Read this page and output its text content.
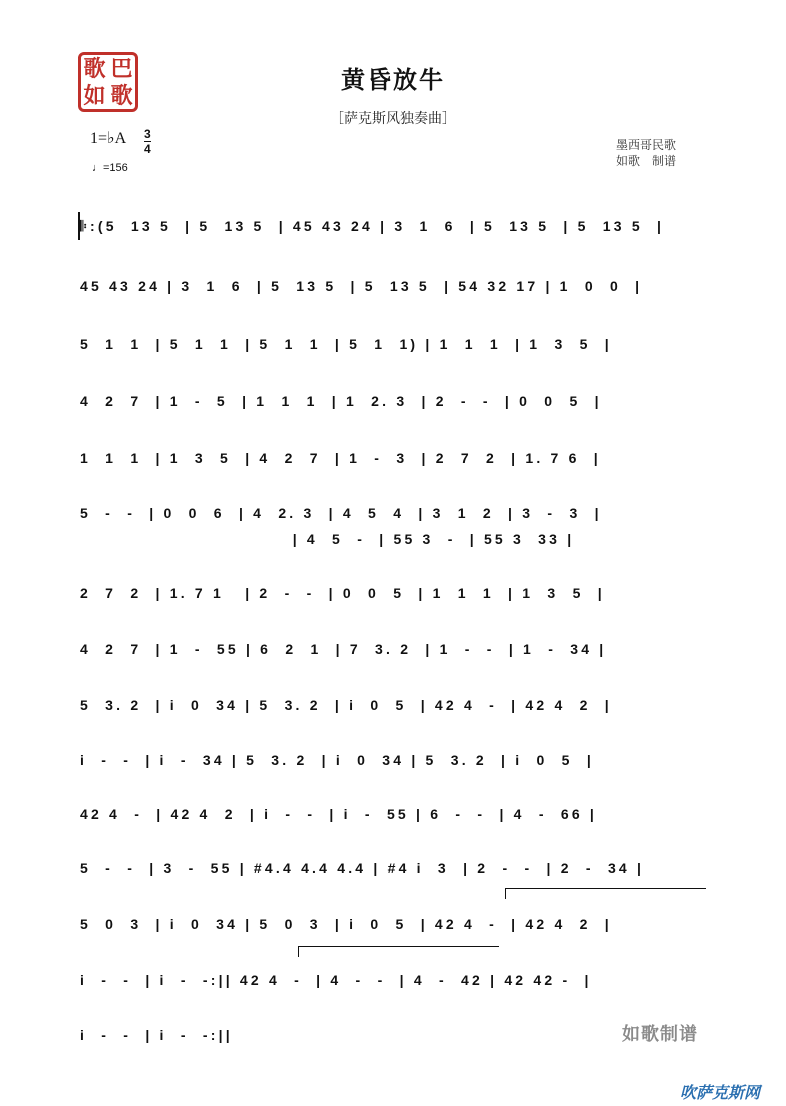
歌 巴
如 歌
黄昏放牛
［萨克斯风独奏曲］
1=♭A 3
4
♩=156
墨西哥民歌
如歌　制谱
𝄆:(5  13 5  | 5  13 5  | 45 43 24 | 3  1  6  | 5  13 5  | 5  13 5  |
45 43 24 | 3  1  6  | 5  13 5  | 5  13 5  | 54 32 17 | 1  0  0  |
5  1  1  | 5  1  1  | 5  1  1  | 5  1  1) | 1  1  1  | 1  3  5  |
4  2  7  | 1  -  5  | 1  1  1  | 1  2. 3  | 2  -  -  | 0  0  5  |
1  1  1  | 1  3  5  | 4  2  7  | 1  -  3  | 2  7  2  | 1. 7 6  |
5  -  -  | 0  0  6  | 4  2. 3  | 4  5  4  | 3  1  2  | 3  -  3  |
| 4  5  -  | 55 3  -  | 55 3  33 |
2  7  2  | 1. 7 1   | 2  -  -  | 0  0  5  | 1  1  1  | 1  3  5  |
4  2  7  | 1  -  55 | 6  2  1  | 7  3. 2  | 1  -  -  | 1  -  34 |
5  3. 2  | i  0  34 | 5  3. 2  | i  0  5  | 42 4  -  | 42 4  2  |
i  -  -  | i  -  34 | 5  3. 2  | i  0  34 | 5  3. 2  | i  0  5  |
42 4  -  | 42 4  2  | i  -  -  | i  -  55 | 6  -  -  | 4  -  66 |
5  -  -  | 3  -  55 | #4.4 4.4 4.4 | #4 i  3  | 2  -  -  | 2  -  34 |
5  0  3  | i  0  34 | 5  0  3  | i  0  5  | 42 4  -  | 42 4  2  |
i  -  -  | i  -  -:|| 42 4  -  | 4  -  -  | 4  -  42 | 42 42 -  |
i  -  -  | i  -  -:||	如歌制谱
吹萨克斯网
